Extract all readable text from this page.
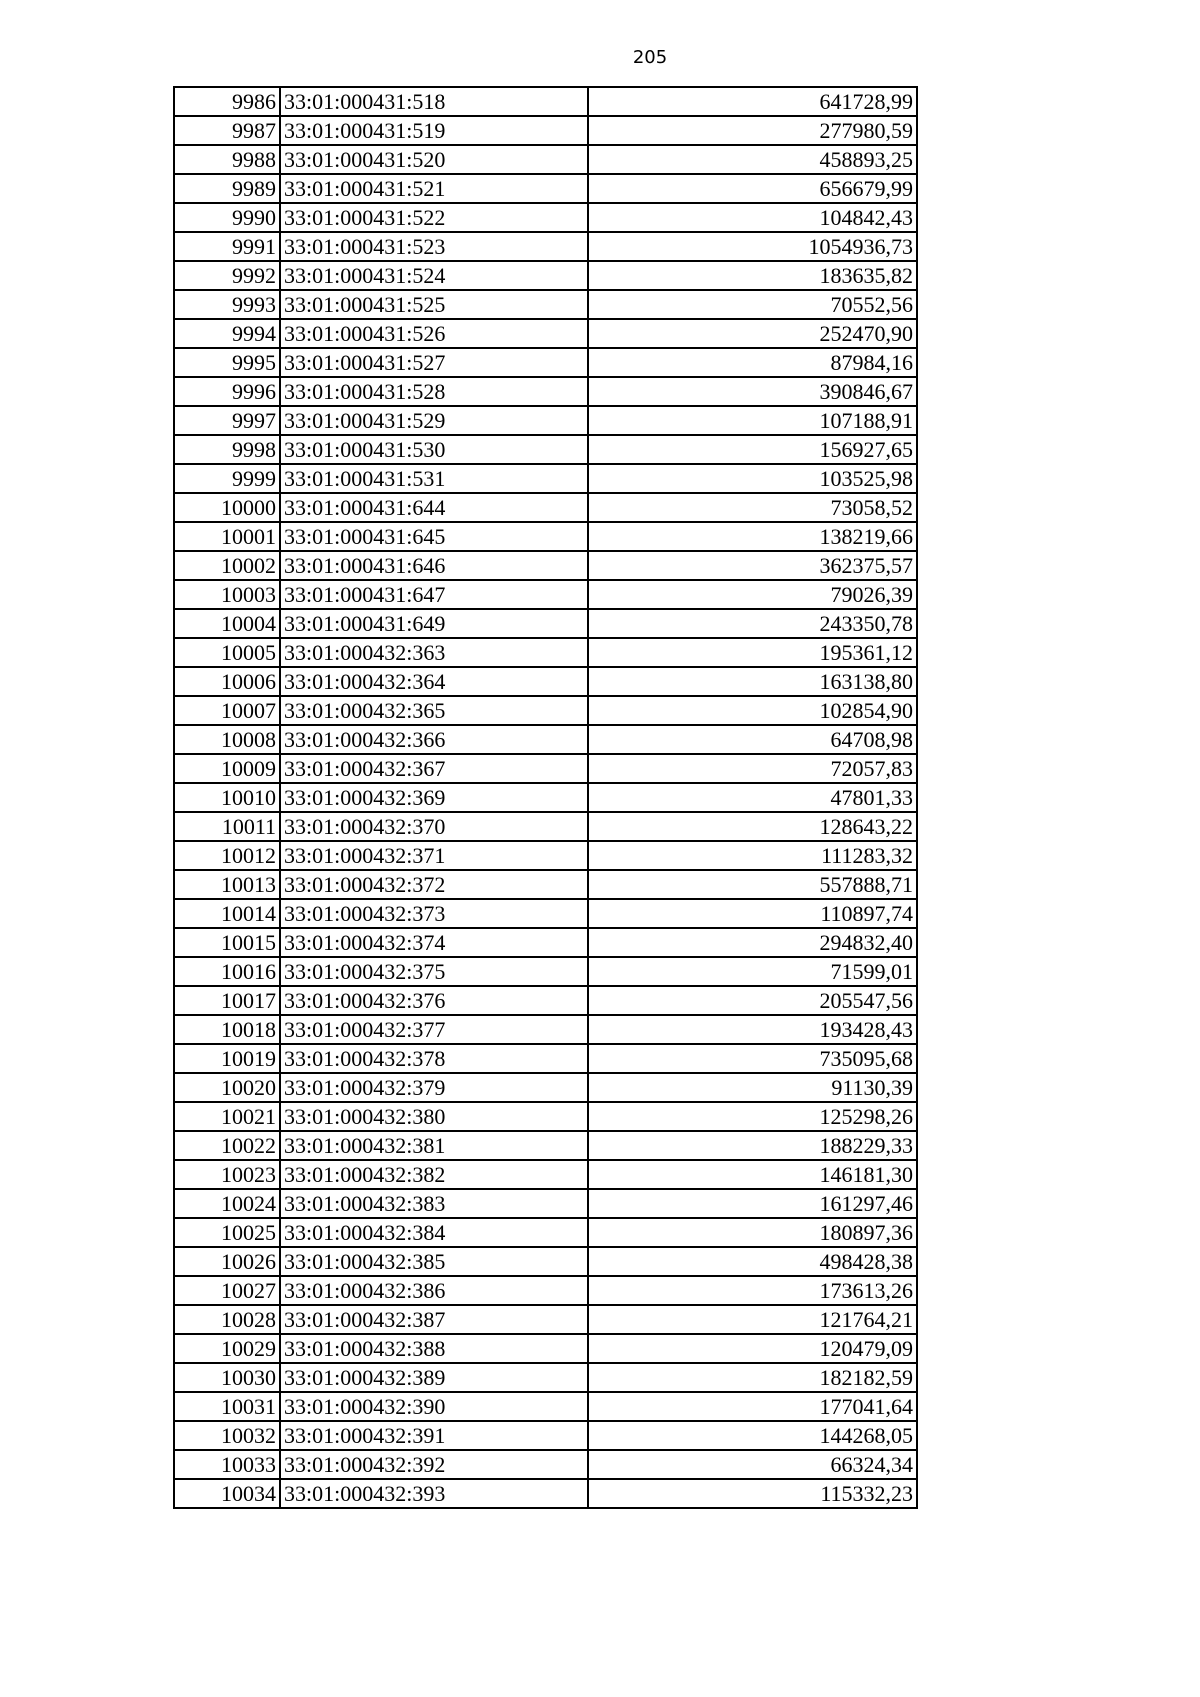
205
9986	33:01:000431:518	641728,99
9987	33:01:000431:519	277980,59
9988	33:01:000431:520	458893,25
9989	33:01:000431:521	656679,99
9990	33:01:000431:522	104842,43
9991	33:01:000431:523	1054936,73
9992	33:01:000431:524	183635,82
9993	33:01:000431:525	70552,56
9994	33:01:000431:526	252470,90
9995	33:01:000431:527	87984,16
9996	33:01:000431:528	390846,67
9997	33:01:000431:529	107188,91
9998	33:01:000431:530	156927,65
9999	33:01:000431:531	103525,98
10000	33:01:000431:644	73058,52
10001	33:01:000431:645	138219,66
10002	33:01:000431:646	362375,57
10003	33:01:000431:647	79026,39
10004	33:01:000431:649	243350,78
10005	33:01:000432:363	195361,12
10006	33:01:000432:364	163138,80
10007	33:01:000432:365	102854,90
10008	33:01:000432:366	64708,98
10009	33:01:000432:367	72057,83
10010	33:01:000432:369	47801,33
10011	33:01:000432:370	128643,22
10012	33:01:000432:371	111283,32
10013	33:01:000432:372	557888,71
10014	33:01:000432:373	110897,74
10015	33:01:000432:374	294832,40
10016	33:01:000432:375	71599,01
10017	33:01:000432:376	205547,56
10018	33:01:000432:377	193428,43
10019	33:01:000432:378	735095,68
10020	33:01:000432:379	91130,39
10021	33:01:000432:380	125298,26
10022	33:01:000432:381	188229,33
10023	33:01:000432:382	146181,30
10024	33:01:000432:383	161297,46
10025	33:01:000432:384	180897,36
10026	33:01:000432:385	498428,38
10027	33:01:000432:386	173613,26
10028	33:01:000432:387	121764,21
10029	33:01:000432:388	120479,09
10030	33:01:000432:389	182182,59
10031	33:01:000432:390	177041,64
10032	33:01:000432:391	144268,05
10033	33:01:000432:392	66324,34
10034	33:01:000432:393	115332,23
